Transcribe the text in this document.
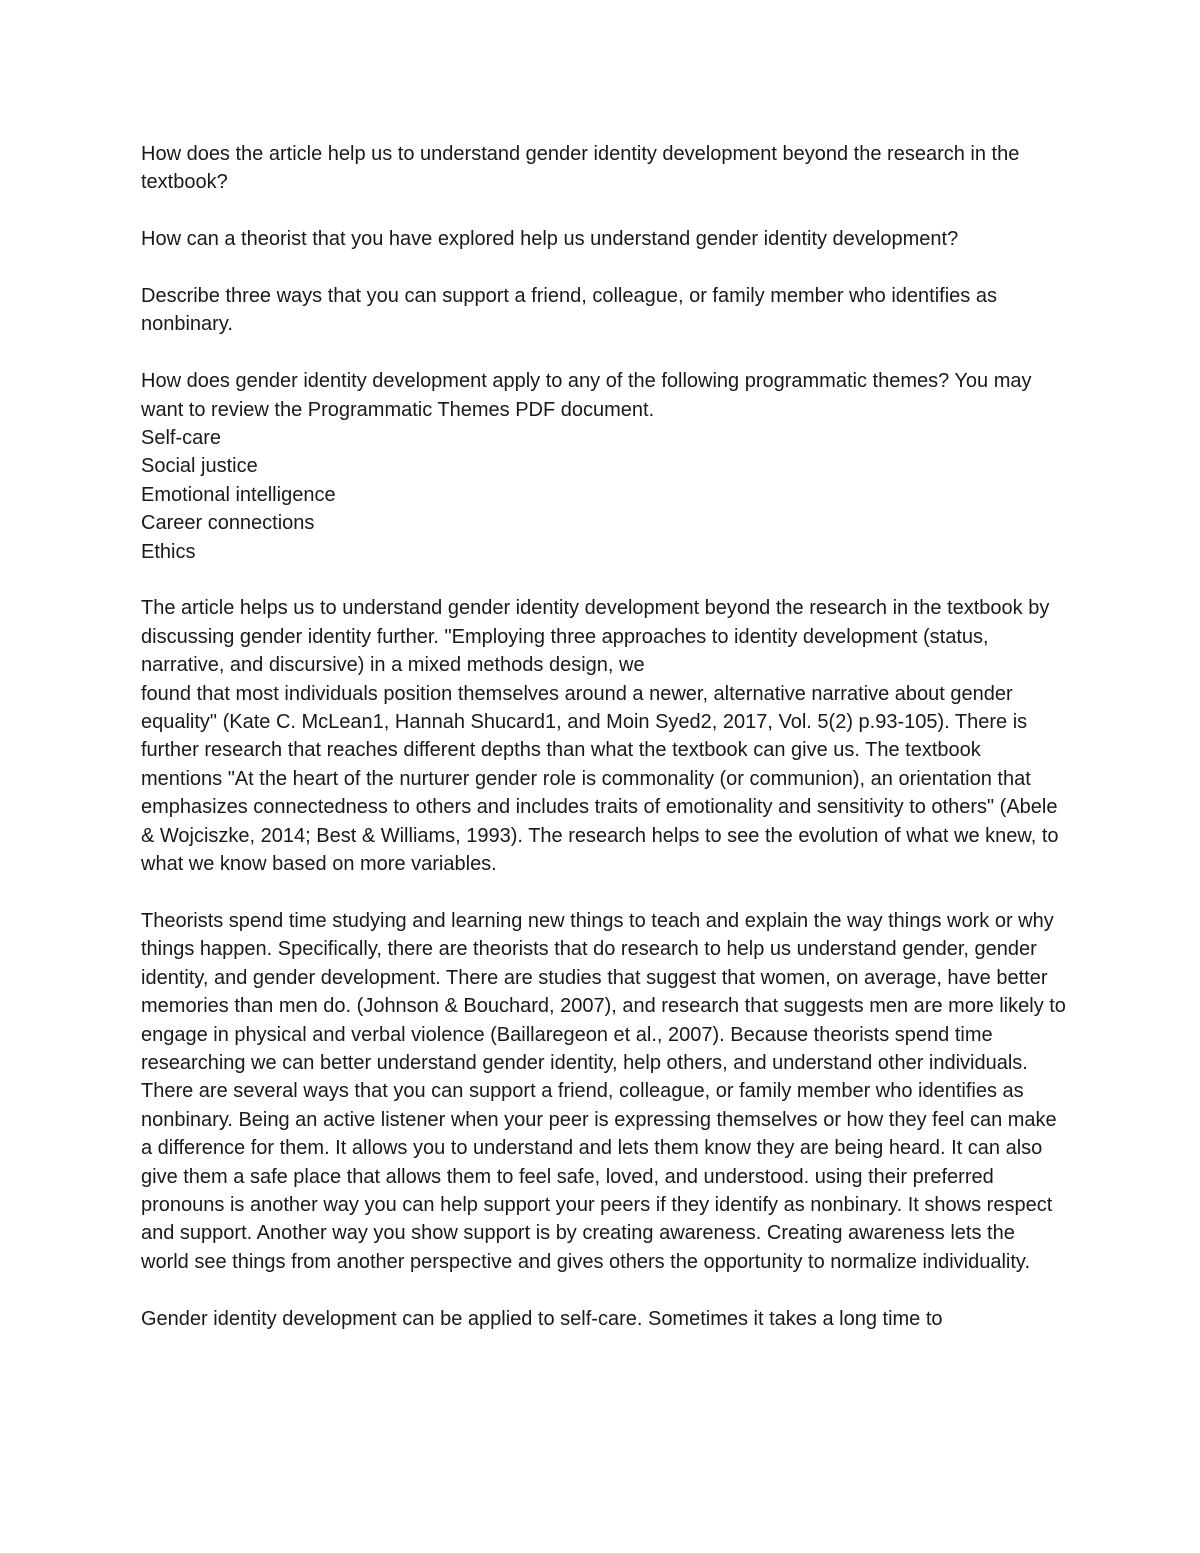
How does the article help us to understand gender identity development beyond the research in the textbook?

How can a theorist that you have explored help us understand gender identity development?

Describe three ways that you can support a friend, colleague, or family member who identifies as nonbinary.

How does gender identity development apply to any of the following programmatic themes? You may want to review the Programmatic Themes PDF document.

Self-care
Social justice
Emotional intelligence
Career connections
Ethics

The article helps us to understand gender identity development beyond the research in the textbook by discussing gender identity further. "Employing three approaches to identity development (status, narrative, and discursive) in a mixed methods design, we
found that most individuals position themselves around a newer, alternative narrative about gender equality" (Kate C. McLean1, Hannah Shucard1, and Moin Syed2, 2017, Vol. 5(2) p.93-105). There is further research that reaches different depths than what the textbook can give us. The textbook mentions "At the heart of the nurturer gender role is commonality (or communion), an orientation that emphasizes connectedness to others and includes traits of emotionality and sensitivity to others" (Abele & Wojciszke, 2014; Best & Williams, 1993). The research helps to see the evolution of what we knew, to what we know based on more variables.

Theorists spend time studying and learning new things to teach and explain the way things work or why things happen. Specifically, there are theorists that do research to help us understand gender, gender identity, and gender development. There are studies that suggest that women, on average, have better memories than men do. (Johnson & Bouchard, 2007), and research that suggests men are more likely to engage in physical and verbal violence (Baillaregeon et al., 2007). Because theorists spend time researching we can better understand gender identity, help others, and understand other individuals.

There are several ways that you can support a friend, colleague, or family member who identifies as nonbinary. Being an active listener when your peer is expressing themselves or how they feel can make a difference for them. It allows you to understand and lets them know they are being heard. It can also give them a safe place that allows them to feel safe, loved, and understood. using their preferred pronouns is another way you can help support your peers if they identify as nonbinary. It shows respect and support. Another way you show support is by creating awareness. Creating awareness lets the world see things from another perspective and gives others the opportunity to normalize individuality.

Gender identity development can be applied to self-care. Sometimes it takes a long time to
